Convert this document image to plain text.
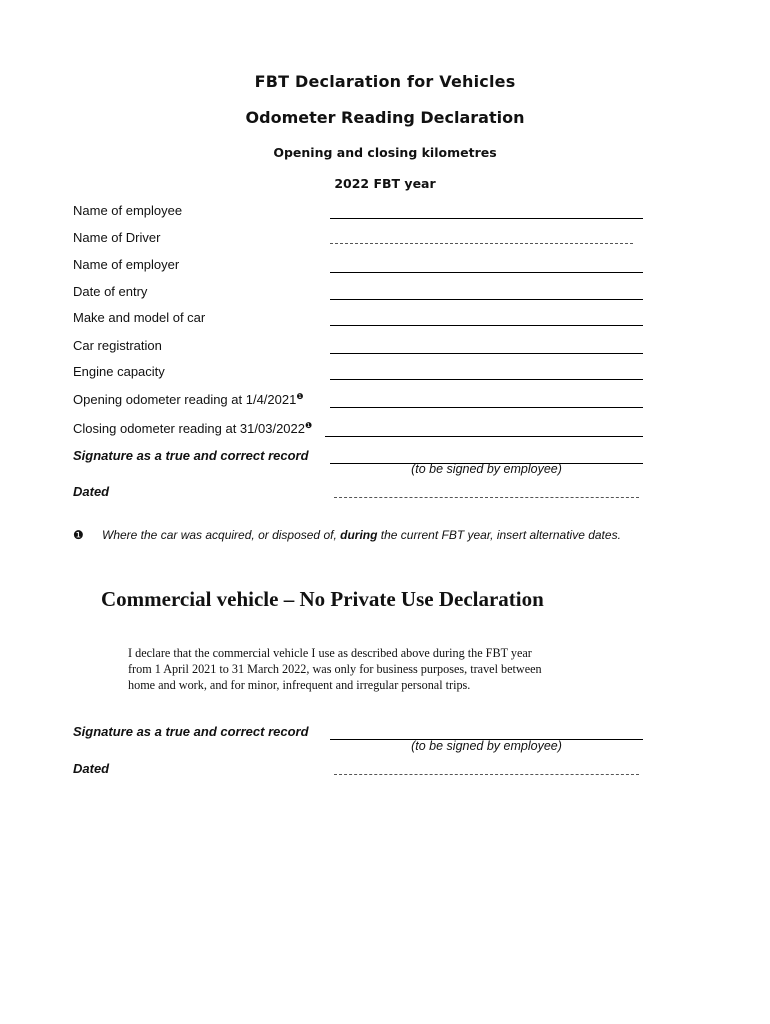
FBT Declaration for Vehicles
Odometer Reading Declaration
Opening and closing kilometres
2022 FBT year
Name of employee
Name of Driver
Name of employer
Date of entry
Make and model of car
Car registration
Engine capacity
Opening odometer reading at $1/4/2021^❶$
Closing odometer reading at $31/03/2022^❶$
Signature as a true and correct record
(to be signed by employee)
Dated
❶ Where the car was acquired, or disposed of, during the current FBT year, insert alternative dates.
Commercial vehicle – No Private Use Declaration
I declare that the commercial vehicle I use as described above during the FBT year
from 1 April 2021 to 31 March 2022, was only for business purposes, travel between
home and work, and for minor, infrequent and irregular personal trips.
Signature as a true and correct record
(to be signed by employee)
Dated
